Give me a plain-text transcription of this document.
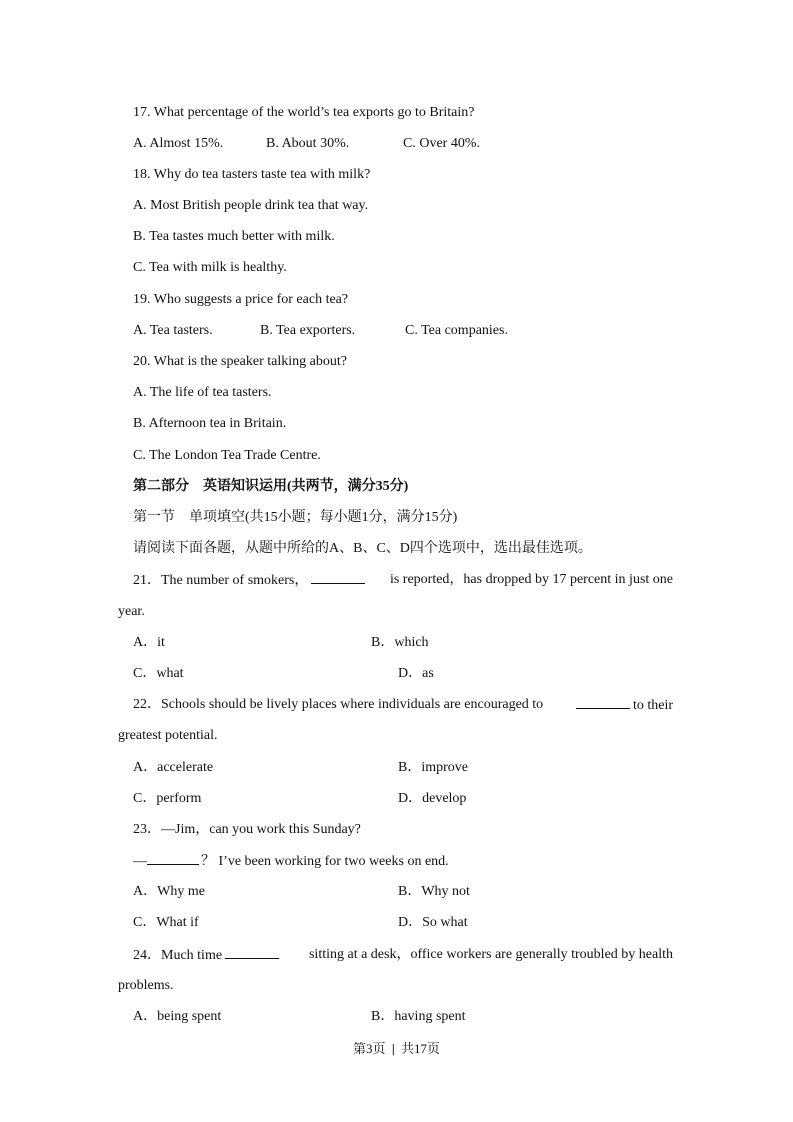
17. What percentage of the world’s tea exports go to Britain?
A. Almost 15%.	B. About 30%.	C. Over 40%.
18. Why do tea tasters taste tea with milk?
A. Most British people drink tea that way.
B. Tea tastes much better with milk.
C. Tea with milk is healthy.
19. Who suggests a price for each tea?
A. Tea tasters.	B. Tea exporters.	C. Tea companies.
20. What is the speaker talking about?
A. The life of tea tasters.
B. Afternoon tea in Britain.
C. The London Tea Trade Centre.
第二部分　英语知识运用(共两节，满分35分)
第一节　单项填空(共15小题；每小题1分，满分15分)
请阅读下面各题，从题中所给的A、B、C、D四个选项中，选出最佳选项。
21．The number of smokers，	is reported，has dropped by 17 percent in just one
year.
A．it	B．which
C．what	D．as
22．Schools should be lively places where individuals are encouraged to	to their
greatest potential.
A．accelerate	B．improve
C．perform	D．develop
23．—Jim，can you work this Sunday?
—	？ I’ve been working for two weeks on end.
A．Why me	B．Why not
C．What if	D．So what
24．Much time	sitting at a desk，office workers are generally troubled by health
problems.
A．being spent	B．having spent
第3页 | 共17页
